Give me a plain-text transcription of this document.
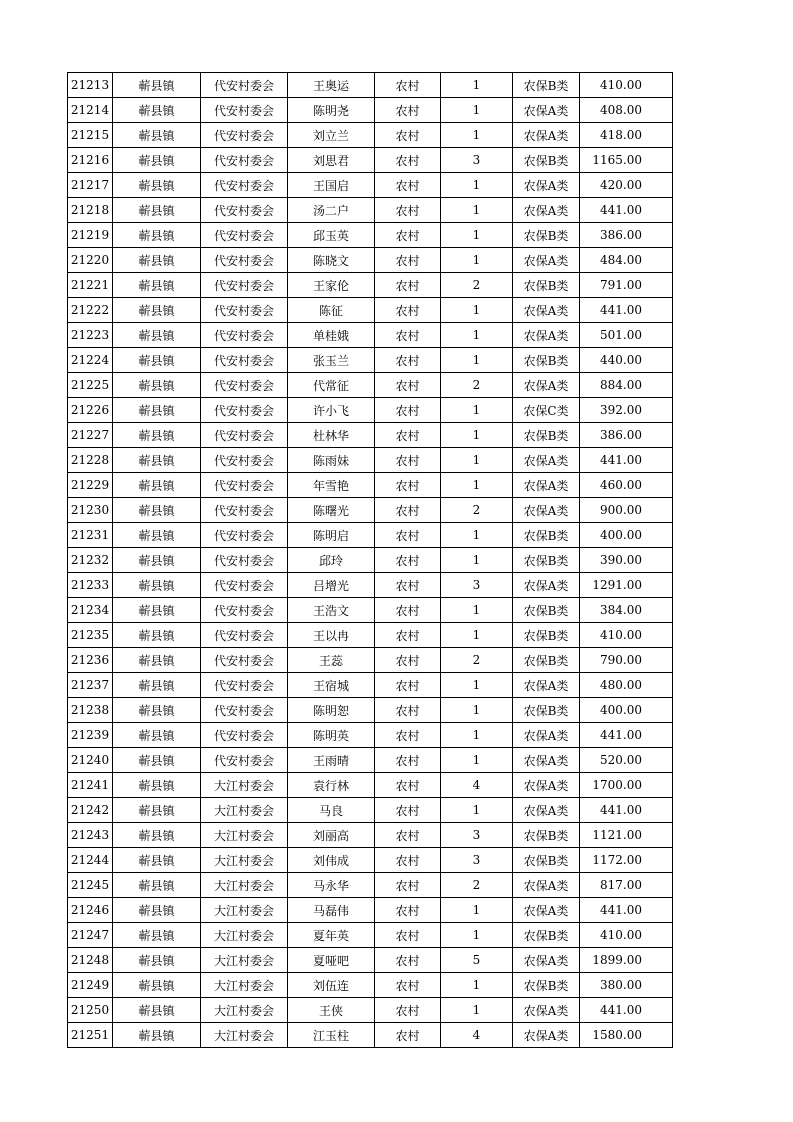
21213	蕲县镇	代安村委会	王奥运	农村	1	农保B类	410.00
21214	蕲县镇	代安村委会	陈明尧	农村	1	农保A类	408.00
21215	蕲县镇	代安村委会	刘立兰	农村	1	农保A类	418.00
21216	蕲县镇	代安村委会	刘思君	农村	3	农保B类	1165.00
21217	蕲县镇	代安村委会	王国启	农村	1	农保A类	420.00
21218	蕲县镇	代安村委会	汤二户	农村	1	农保A类	441.00
21219	蕲县镇	代安村委会	邱玉英	农村	1	农保B类	386.00
21220	蕲县镇	代安村委会	陈晓文	农村	1	农保A类	484.00
21221	蕲县镇	代安村委会	王家伦	农村	2	农保B类	791.00
21222	蕲县镇	代安村委会	陈征	农村	1	农保A类	441.00
21223	蕲县镇	代安村委会	单桂娥	农村	1	农保A类	501.00
21224	蕲县镇	代安村委会	张玉兰	农村	1	农保B类	440.00
21225	蕲县镇	代安村委会	代常征	农村	2	农保A类	884.00
21226	蕲县镇	代安村委会	许小飞	农村	1	农保C类	392.00
21227	蕲县镇	代安村委会	杜林华	农村	1	农保B类	386.00
21228	蕲县镇	代安村委会	陈雨妹	农村	1	农保A类	441.00
21229	蕲县镇	代安村委会	年雪艳	农村	1	农保A类	460.00
21230	蕲县镇	代安村委会	陈曙光	农村	2	农保A类	900.00
21231	蕲县镇	代安村委会	陈明启	农村	1	农保B类	400.00
21232	蕲县镇	代安村委会	邱玲	农村	1	农保B类	390.00
21233	蕲县镇	代安村委会	吕增光	农村	3	农保A类	1291.00
21234	蕲县镇	代安村委会	王浩文	农村	1	农保B类	384.00
21235	蕲县镇	代安村委会	王以冉	农村	1	农保B类	410.00
21236	蕲县镇	代安村委会	王蕊	农村	2	农保B类	790.00
21237	蕲县镇	代安村委会	王宿城	农村	1	农保A类	480.00
21238	蕲县镇	代安村委会	陈明恕	农村	1	农保B类	400.00
21239	蕲县镇	代安村委会	陈明英	农村	1	农保A类	441.00
21240	蕲县镇	代安村委会	王雨晴	农村	1	农保A类	520.00
21241	蕲县镇	大江村委会	袁行林	农村	4	农保A类	1700.00
21242	蕲县镇	大江村委会	马良	农村	1	农保A类	441.00
21243	蕲县镇	大江村委会	刘丽高	农村	3	农保B类	1121.00
21244	蕲县镇	大江村委会	刘伟成	农村	3	农保B类	1172.00
21245	蕲县镇	大江村委会	马永华	农村	2	农保A类	817.00
21246	蕲县镇	大江村委会	马磊伟	农村	1	农保A类	441.00
21247	蕲县镇	大江村委会	夏年英	农村	1	农保B类	410.00
21248	蕲县镇	大江村委会	夏哑吧	农村	5	农保A类	1899.00
21249	蕲县镇	大江村委会	刘伍连	农村	1	农保B类	380.00
21250	蕲县镇	大江村委会	王侠	农村	1	农保A类	441.00
21251	蕲县镇	大江村委会	江玉柱	农村	4	农保A类	1580.00
